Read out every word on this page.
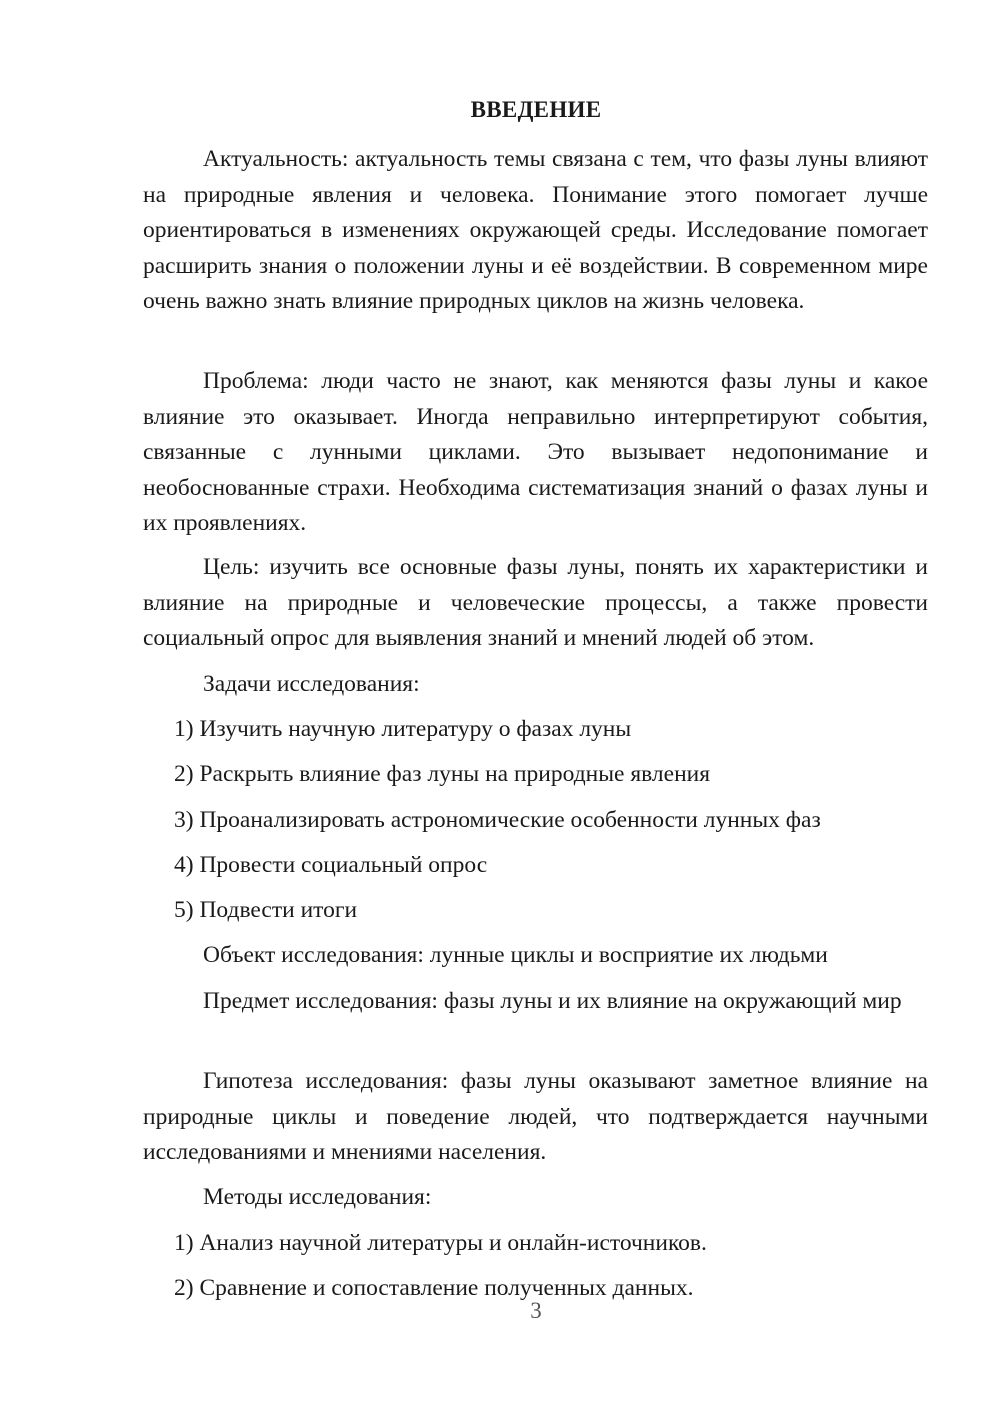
ВВЕДЕНИЕ
Актуальность: актуальность темы связана с тем, что фазы луны влияют на природные явления и человека. Понимание этого помогает лучше ориентироваться в изменениях окружающей среды. Исследование помогает расширить знания о положении луны и её воздействии. В современном мире очень важно знать влияние природных циклов на жизнь человека.
Проблема: люди часто не знают, как меняются фазы луны и какое влияние это оказывает. Иногда неправильно интерпретируют события, связанные с лунными циклами. Это вызывает недопонимание и необоснованные страхи. Необходима систематизация знаний о фазах луны и их проявлениях.
Цель: изучить все основные фазы луны, понять их характеристики и влияние на природные и человеческие процессы, а также провести социальный опрос для выявления знаний и мнений людей об этом.
Задачи исследования:
1) Изучить научную литературу о фазах луны
2) Раскрыть влияние фаз луны на природные явления
3) Проанализировать астрономические особенности лунных фаз
4) Провести социальный опрос
5) Подвести итоги
Объект исследования: лунные циклы и восприятие их людьми
Предмет исследования: фазы луны и их влияние на окружающий мир
Гипотеза исследования: фазы луны оказывают заметное влияние на природные циклы и поведение людей, что подтверждается научными исследованиями и мнениями населения.
Методы исследования:
1) Анализ научной литературы и онлайн-источников.
2) Сравнение и сопоставление полученных данных.
3
